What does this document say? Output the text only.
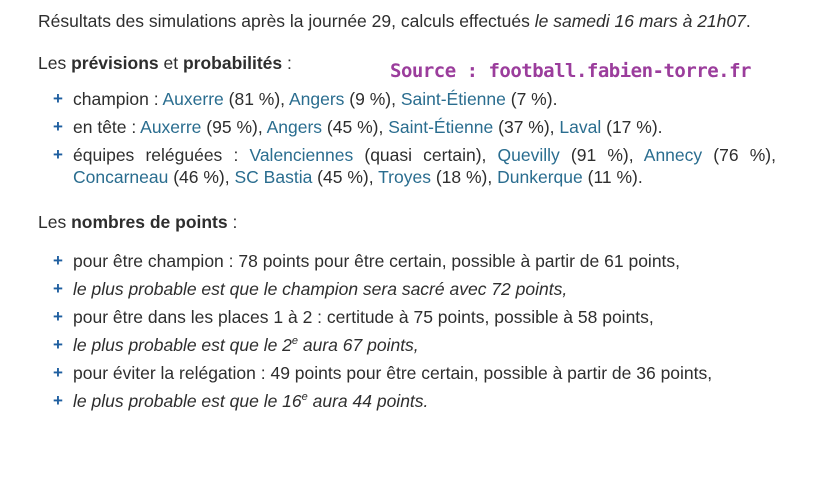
Résultats des simulations après la journée 29, calculs effectués le samedi 16 mars à 21h07.

Les prévisions et probabilités :

+ champion : Auxerre (81 %), Angers (9 %), Saint-Étienne (7 %).
+ en tête : Auxerre (95 %), Angers (45 %), Saint-Étienne (37 %), Laval (17 %).
+ équipes reléguées : Valenciennes (quasi certain), Quevilly (91 %), Annecy (76 %), Concarneau (46 %), SC Bastia (45 %), Troyes (18 %), Dunkerque (11 %).

Les nombres de points :

+ pour être champion : 78 points pour être certain, possible à partir de 61 points,
+ le plus probable est que le champion sera sacré avec 72 points,
+ pour être dans les places 1 à 2 : certitude à 75 points, possible à 58 points,
+ le plus probable est que le 2e aura 67 points,
+ pour éviter la relégation : 49 points pour être certain, possible à partir de 36 points,
+ le plus probable est que le 16e aura 44 points.
Source : football.fabien-torre.fr
